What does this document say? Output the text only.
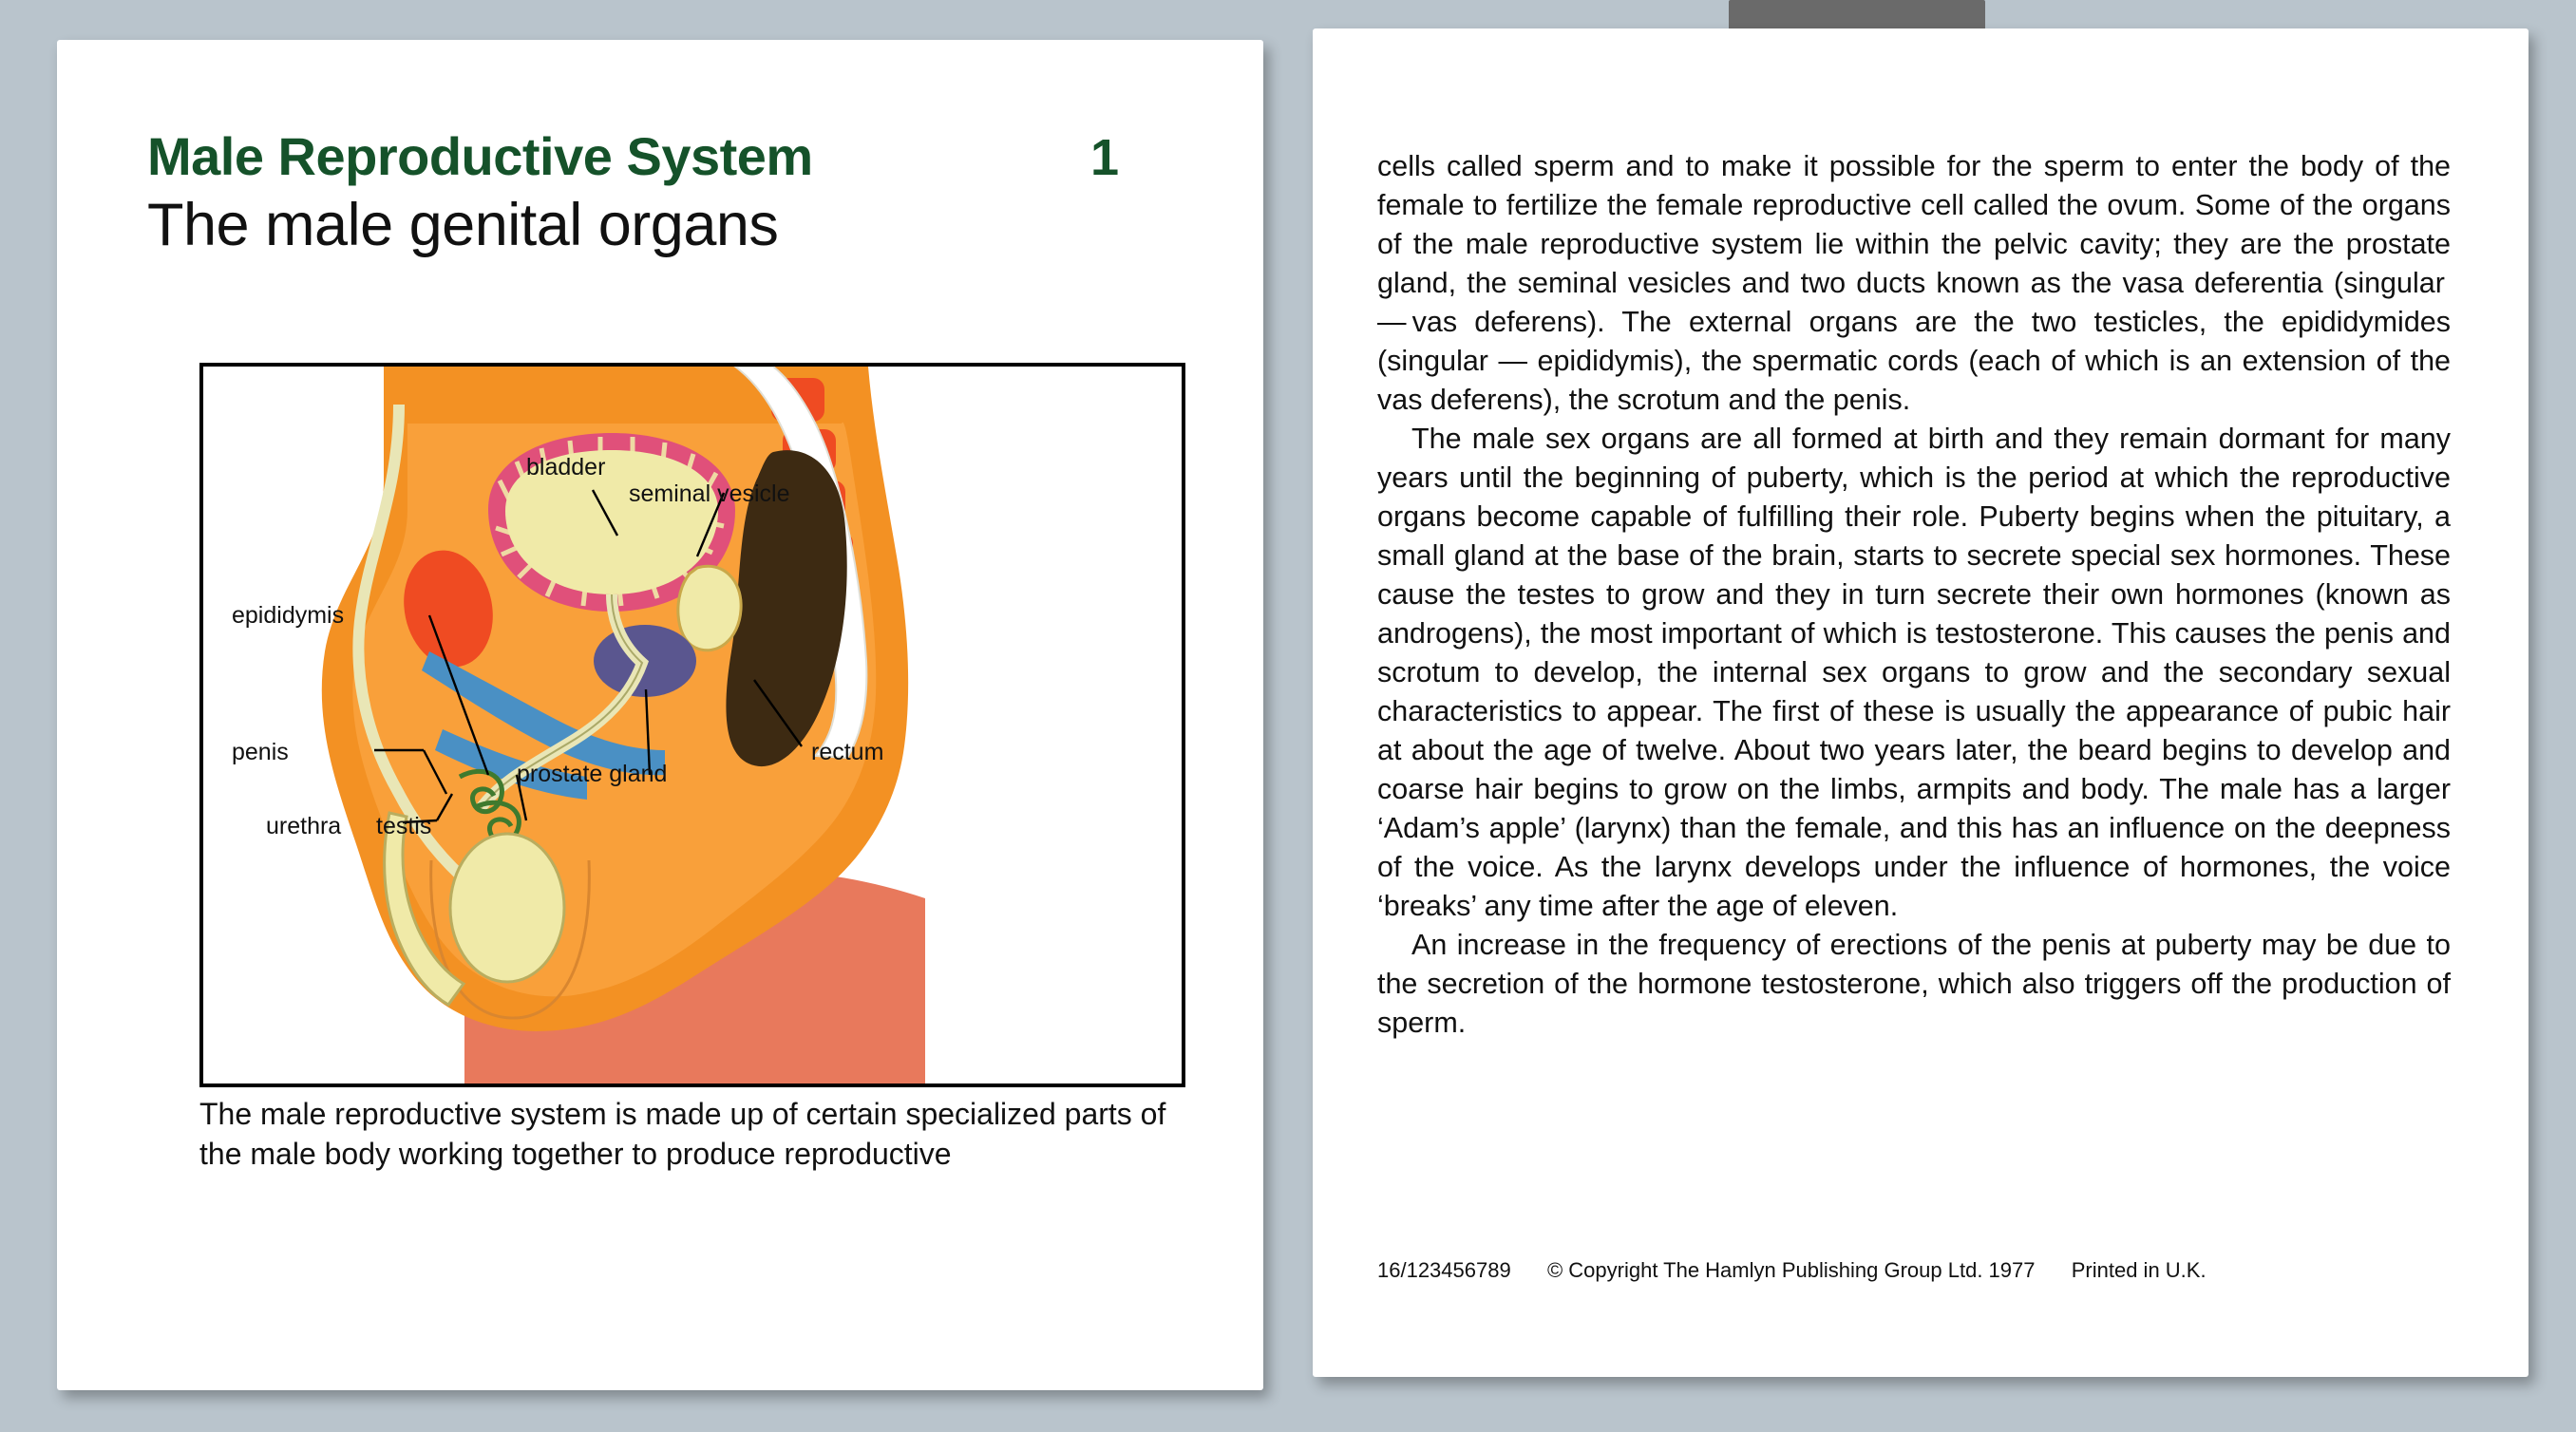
Male Reproductive System	1
The male genital organs
bladder
seminal vesicle
epididymis
penis
urethra testis
prostate gland
rectum
The male reproductive system is made up of certain specialized parts of the male body working together to produce reproductive

cells called sperm and to make it possible for the sperm to enter the body of the female to fertilize the female reproductive cell called the ovum. Some of the organs of the male reproductive system lie within the pelvic cavity; they are the prostate gland, the seminal vesicles and two ducts known as the vasa deferentia (singular — vas deferens). The external organs are the two testicles, the epididymides (singular — epididymis), the spermatic cords (each of which is an extension of the vas deferens), the scrotum and the penis.

The male sex organs are all formed at birth and they remain dormant for many years until the beginning of puberty, which is the period at which the reproductive organs become capable of fulfilling their role. Puberty begins when the pituitary, a small gland at the base of the brain, starts to secrete special sex hormones. These cause the testes to grow and they in turn secrete their own hormones (known as androgens), the most important of which is testosterone. This causes the penis and scrotum to develop, the internal sex organs to grow and the secondary sexual characteristics to appear. The first of these is usually the appearance of pubic hair at about the age of twelve. About two years later, the beard begins to develop and coarse hair begins to grow on the limbs, armpits and body. The male has a larger ‘Adam’s apple’ (larynx) than the female, and this has an influence on the deepness of the voice. As the larynx develops under the influence of hormones, the voice ‘breaks’ any time after the age of eleven.

An increase in the frequency of erections of the penis at puberty may be due to the secretion of the hormone testosterone, which also triggers off the production of sperm.

16/123456789 © Copyright The Hamlyn Publishing Group Ltd. 1977 Printed in U.K.
